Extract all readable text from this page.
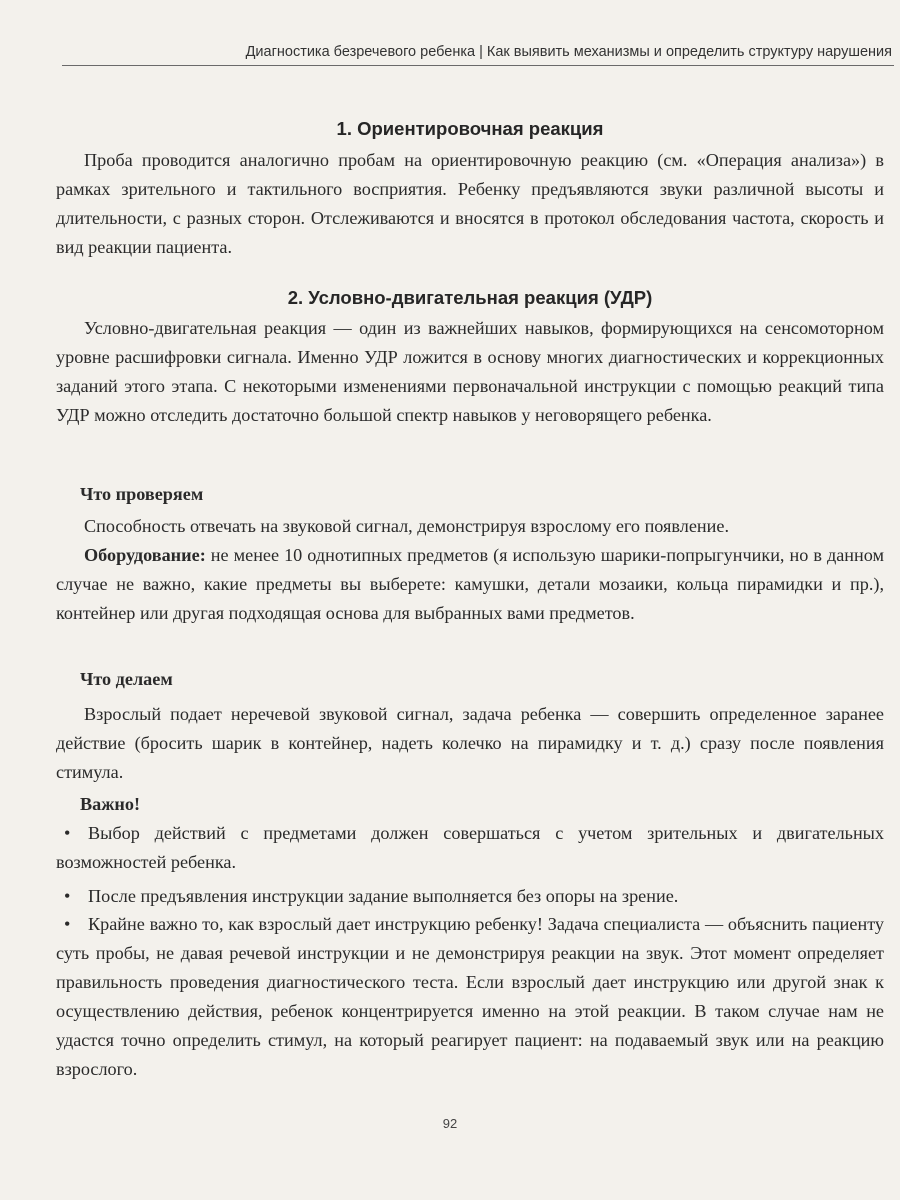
Диагностика безречевого ребенка | Как выявить механизмы и определить структуру нарушения
1. Ориентировочная реакция

Проба проводится аналогично пробам на ориентировочную реакцию (см. «Операция анализа») в рамках зрительного и тактильного восприятия. Ребенку предъявляются звуки различной высоты и длительности, с разных сторон. Отслеживаются и вносятся в протокол обследования частота, скорость и вид реакции пациента.

2. Условно-двигательная реакция (УДР)

Условно-двигательная реакция — один из важнейших навыков, формирующихся на сенсомоторном уровне расшифровки сигнала. Именно УДР ложится в основу многих диагностических и коррекционных заданий этого этапа. С некоторыми изменениями первоначальной инструкции с помощью реакций типа УДР можно отследить достаточно большой спектр навыков у неговорящего ребенка.

Что проверяем

Способность отвечать на звуковой сигнал, демонстрируя взрослому его появление.

Оборудование: не менее 10 однотипных предметов (я использую шарики-попрыгунчики, но в данном случае не важно, какие предметы вы выберете: камушки, детали мозаики, кольца пирамидки и пр.), контейнер или другая подходящая основа для выбранных вами предметов.

Что делаем

Взрослый подает неречевой звуковой сигнал, задача ребенка — совершить определенное заранее действие (бросить шарик в контейнер, надеть колечко на пирамидку и т. д.) сразу после появления стимула.

Важно!

• Выбор действий с предметами должен совершаться с учетом зрительных и двигательных возможностей ребенка.

• После предъявления инструкции задание выполняется без опоры на зрение.

• Крайне важно то, как взрослый дает инструкцию ребенку! Задача специалиста — объяснить пациенту суть пробы, не давая речевой инструкции и не демонстрируя реакции на звук. Этот момент определяет правильность проведения диагностического теста. Если взрослый дает инструкцию или другой знак к осуществлению действия, ребенок концентрируется именно на этой реакции. В таком случае нам не удастся точно определить стимул, на который реагирует пациент: на подаваемый звук или на реакцию взрослого.

92
